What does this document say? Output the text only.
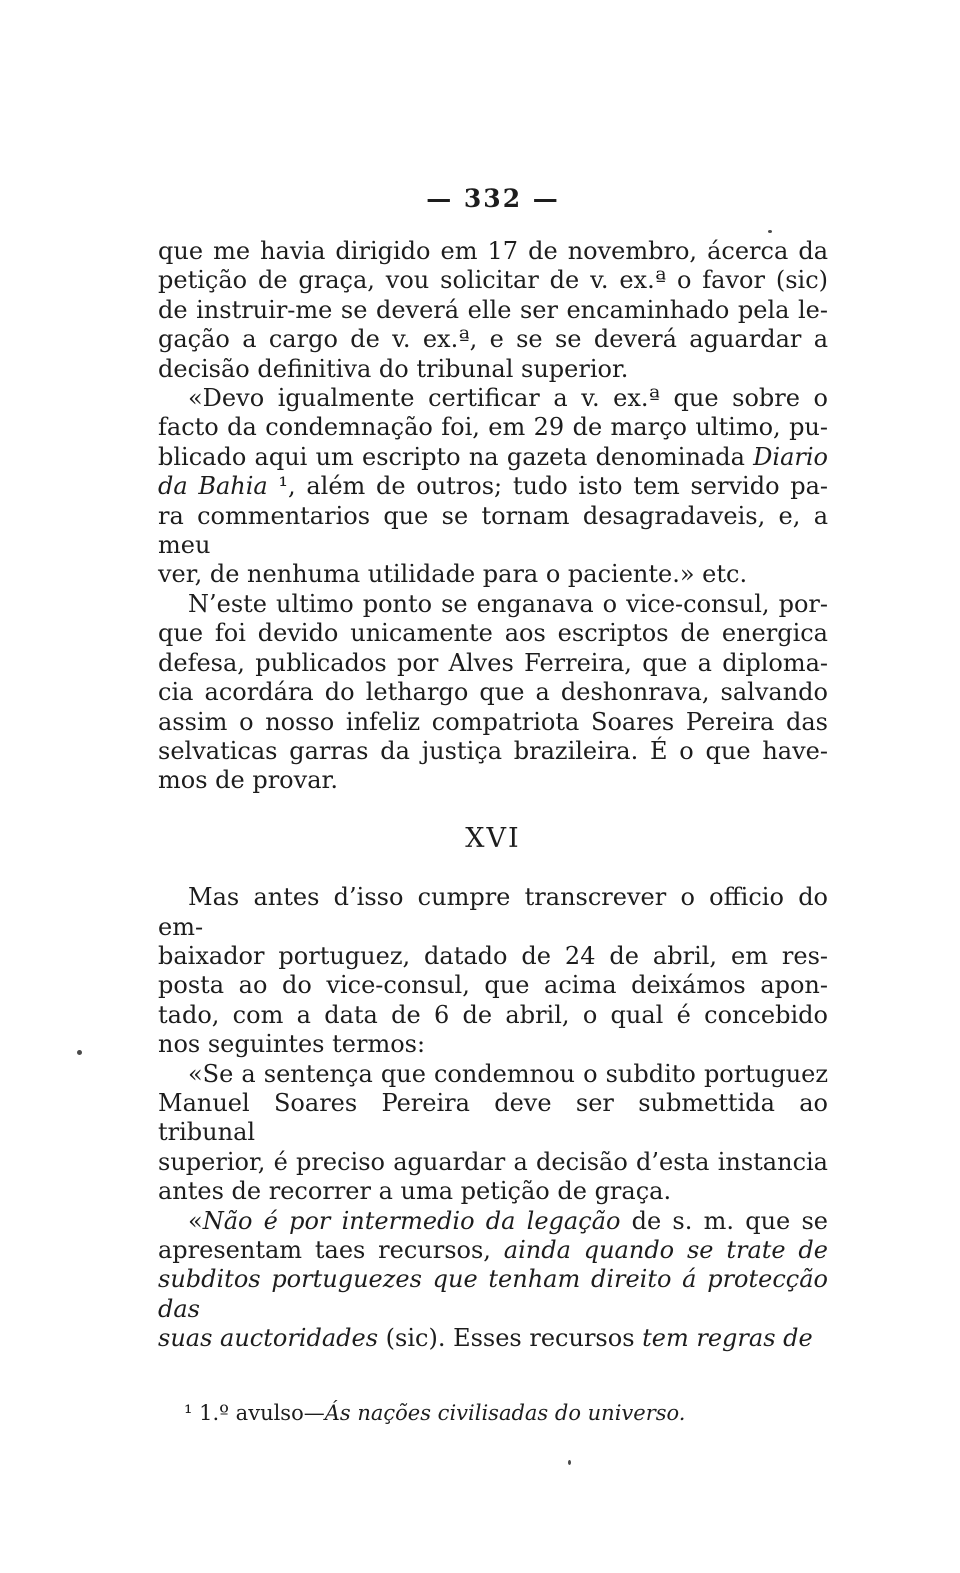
— 332 —
que me havia dirigido em 17 de novembro, ácerca da
petição de graça, vou solicitar de v. ex.ª o favor (sic)
de instruir-me se deverá elle ser encaminhado pela le-
gação a cargo de v. ex.ª, e se se deverá aguardar a
decisão definitiva do tribunal superior.
«Devo igualmente certificar a v. ex.ª que sobre o
facto da condemnação foi, em 29 de março ultimo, pu-
blicado aqui um escripto na gazeta denominada Diario
da Bahia ¹, além de outros; tudo isto tem servido pa-
ra commentarios que se tornam desagradaveis, e, a meu
ver, de nenhuma utilidade para o paciente.» etc.
N’este ultimo ponto se enganava o vice-consul, por-
que foi devido unicamente aos escriptos de energica
defesa, publicados por Alves Ferreira, que a diploma-
cia acordára do lethargo que a deshonrava, salvando
assim o nosso infeliz compatriota Soares Pereira das
selvaticas garras da justiça brazileira. É o que have-
mos de provar.
XVI
Mas antes d’isso cumpre transcrever o officio do em-
baixador portuguez, datado de 24 de abril, em res-
posta ao do vice-consul, que acima deixámos apon-
tado, com a data de 6 de abril, o qual é concebido
nos seguintes termos:
«Se a sentença que condemnou o subdito portuguez
Manuel Soares Pereira deve ser submettida ao tribunal
superior, é preciso aguardar a decisão d’esta instancia
antes de recorrer a uma petição de graça.
«Não é por intermedio da legação de s. m. que se
apresentam taes recursos, ainda quando se trate de
subditos portuguezes que tenham direito á protecção das
suas auctoridades (sic). Esses recursos tem regras de
¹ 1.º avulso—Ás nações civilisadas do universo.
